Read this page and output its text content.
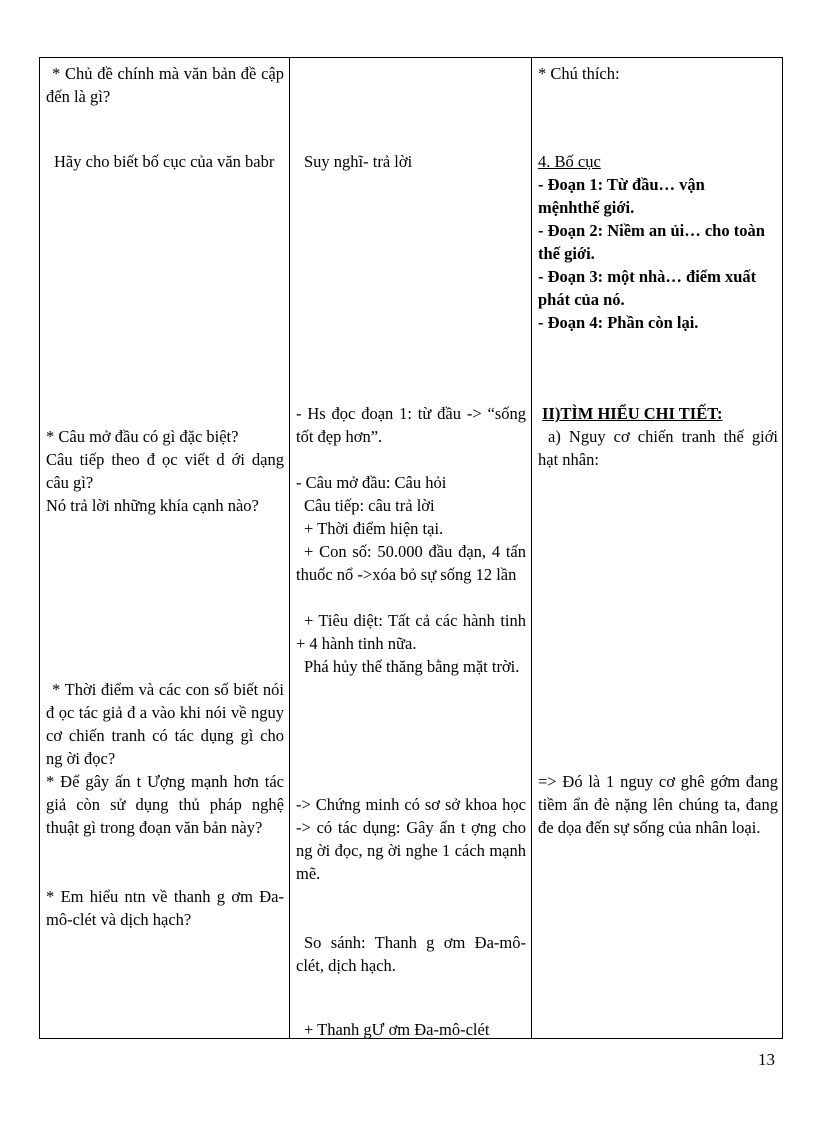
* Chủ đề chính mà văn bản đề cập đến là gì?

Hãy cho biết bố cục của văn babr

* Câu mở đầu có gì đặc biệt?

Câu tiếp theo đ ọc viết d ới dạng câu gì?

Nó trả lời những khía cạnh nào?

* Thời điểm và các con số biết nói đ ọc tác giả đ a vào khi nói về nguy cơ chiến tranh có tác dụng gì cho ng ời đọc?

* Để gây ấn t Ượng mạnh hơn tác giả còn sử dụng thủ pháp nghệ thuật gì trong đoạn văn bản này?

* Em hiểu ntn về thanh g ơm Đa-mô-clét và dịch hạch?

Suy nghĩ- trả lời

- Hs đọc đoạn 1: từ đầu -> “sống tốt đẹp hơn”.

- Câu mở đầu: Câu hỏi

Câu tiếp: câu trả lời

+ Thời điểm hiện tại.

+ Con số: 50.000 đầu đạn, 4 tấn thuốc nổ ->xóa bỏ sự sống 12 lần

+ Tiêu diệt: Tất cả các hành tinh + 4 hành tinh nữa.

Phá hủy thế thăng bằng mặt trời.

-> Chứng minh có sơ sở khoa học -> có tác dụng: Gây ấn t ợng cho ng ời đọc, ng ời nghe 1 cách mạnh mẽ.

So sánh: Thanh g ơm Đa-mô-clét, dịch hạch.

+ Thanh gƯ ơm Đa-mô-clét

* Chú thích:

4. Bố cục

- Đoạn 1: Từ đầu… vận mệnhthế giới.

- Đoạn 2: Niềm an ủi… cho toàn thế giới.

- Đoạn 3: một nhà… điểm xuất phát của nó.

- Đoạn 4: Phần còn lại.

II)TÌM HIỂU CHI TIẾT:

a) Nguy cơ chiến tranh thế giới hạt nhân:

=> Đó là 1 nguy cơ ghê gớm đang tiềm ẩn đè nặng lên chúng ta, đang đe dọa đến sự sống của nhân loại.

13
